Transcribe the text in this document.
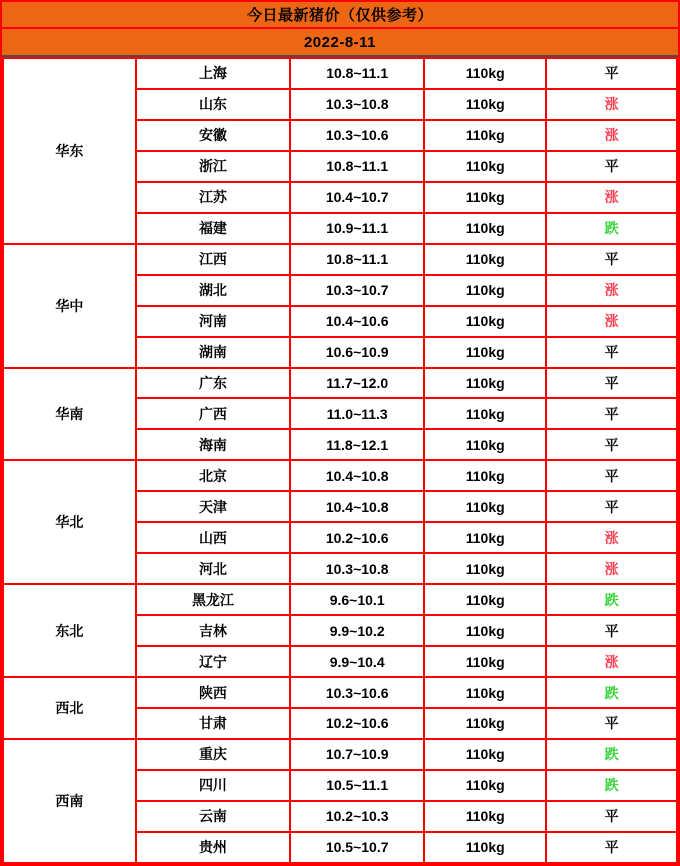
今日最新猪价（仅供参考）
2022-8-11
华东	上海	10.8~11.1	110kg	平
	山东	10.3~10.8	110kg	涨
	安徽	10.3~10.6	110kg	涨
	浙江	10.8~11.1	110kg	平
	江苏	10.4~10.7	110kg	涨
	福建	10.9~11.1	110kg	跌
华中	江西	10.8~11.1	110kg	平
	湖北	10.3~10.7	110kg	涨
	河南	10.4~10.6	110kg	涨
	湖南	10.6~10.9	110kg	平
华南	广东	11.7~12.0	110kg	平
	广西	11.0~11.3	110kg	平
	海南	11.8~12.1	110kg	平
华北	北京	10.4~10.8	110kg	平
	天津	10.4~10.8	110kg	平
	山西	10.2~10.6	110kg	涨
	河北	10.3~10.8	110kg	涨
东北	黑龙江	9.6~10.1	110kg	跌
	吉林	9.9~10.2	110kg	平
	辽宁	9.9~10.4	110kg	涨
西北	陕西	10.3~10.6	110kg	跌
	甘肃	10.2~10.6	110kg	平
西南	重庆	10.7~10.9	110kg	跌
	四川	10.5~11.1	110kg	跌
	云南	10.2~10.3	110kg	平
	贵州	10.5~10.7	110kg	平
